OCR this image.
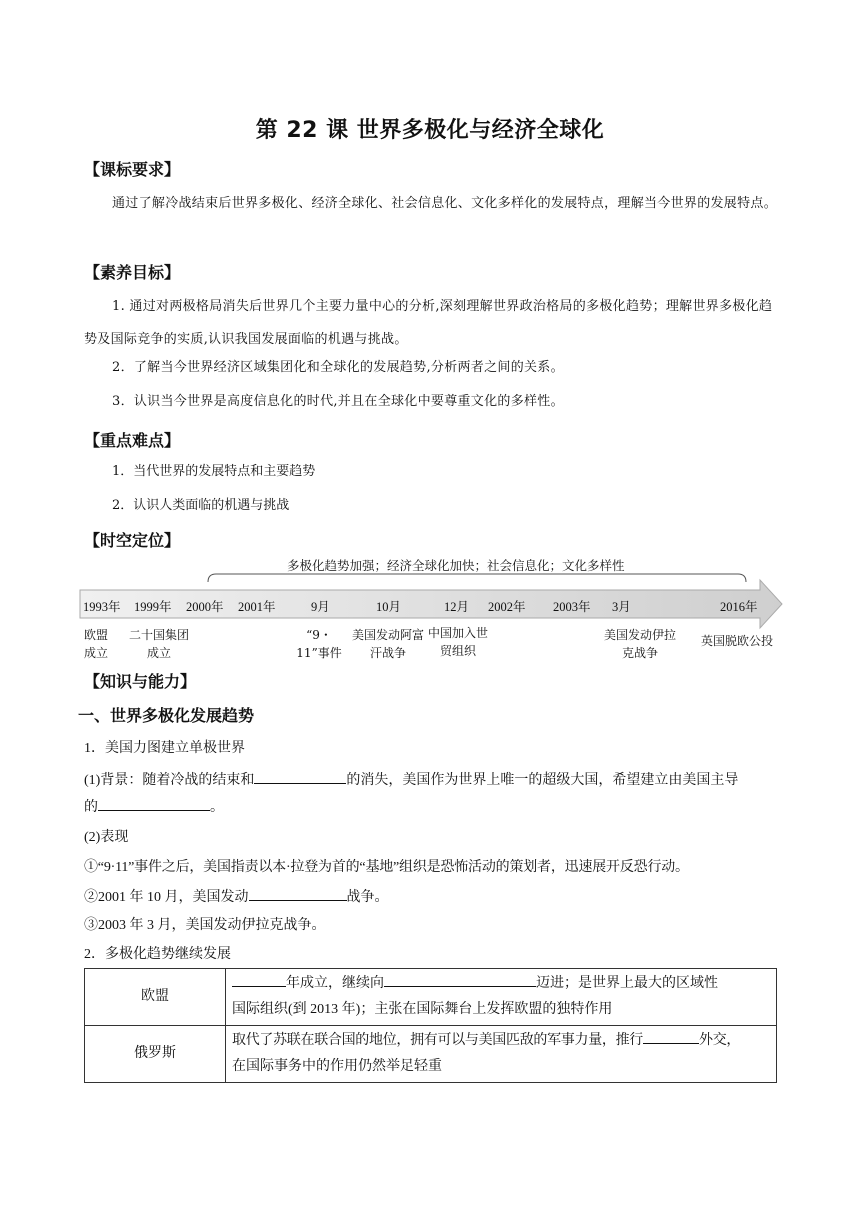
第 22 课 世界多极化与经济全球化
【课标要求】
通过了解冷战结束后世界多极化、经济全球化、社会信息化、文化多样化的发展特点，理解当今世界的发展特点。
【素养目标】
1. 通过对两极格局消失后世界几个主要力量中心的分析,深刻理解世界政治格局的多极化趋势；理解世界多极化趋势及国际竞争的实质,认识我国发展面临的机遇与挑战。
2．了解当今世界经济区域集团化和全球化的发展趋势,分析两者之间的关系。
3．认识当今世界是高度信息化的时代,并且在全球化中要尊重文化的多样性。
【重点难点】
1．当代世界的发展特点和主要趋势
2．认识人类面临的机遇与挑战
【时空定位】
多极化趋势加强；经济全球化加快；社会信息化；文化多样性
1993年 1999年 2000年 2001年	9月	10月	12月 2002年 2003年 3月	2016年
欧盟成立
二十国集团成立
“9・11”事件
美国发动阿富汗战争
中国加入世贸组织
美国发动伊拉克战争
英国脱欧公投
【知识与能力】
一、世界多极化发展趋势
1．美国力图建立单极世界
(1)背景：随着冷战的结束和	的消失，美国作为世界上唯一的超级大国，希望建立由美国主导
的	。
(2)表现
①“9·11”事件之后，美国指责以本·拉登为首的“基地”组织是恐怖活动的策划者，迅速展开反恐行动。
②2001 年 10 月，美国发动	战争。
③2003 年 3 月，美国发动伊拉克战争。
2．多极化趋势继续发展
欧盟	年成立，继续向 迈进；是世界上最大的区域性
国际组织(到 2013 年)；主张在国际舞台上发挥欧盟的独特作用

俄罗斯	取代了苏联在联合国的地位，拥有可以与美国匹敌的军事力量，推行 外交，
在国际事务中的作用仍然举足轻重
